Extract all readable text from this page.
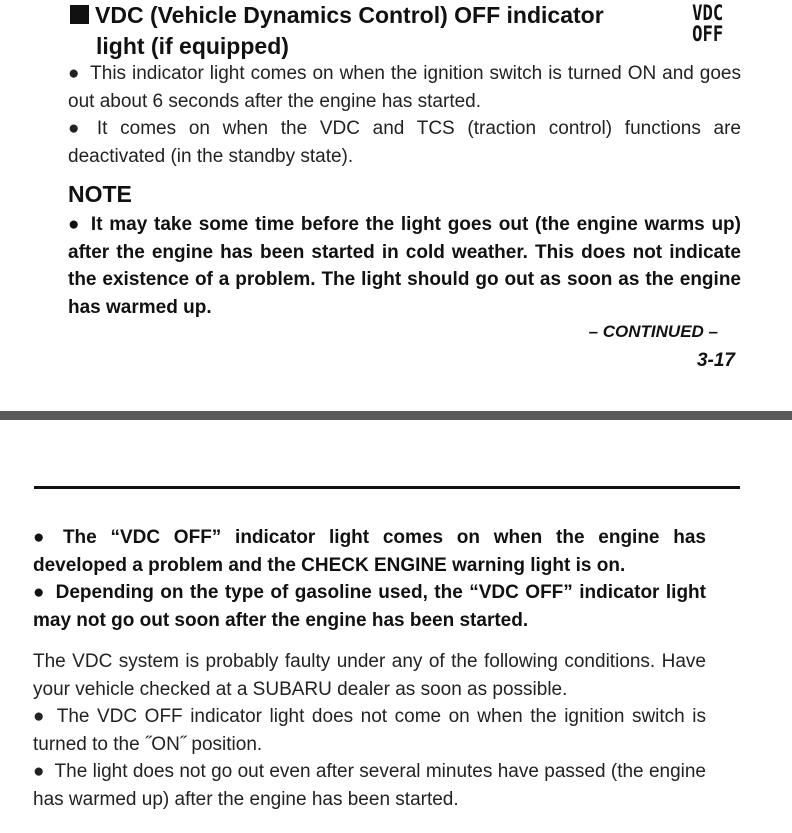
VDC (Vehicle Dynamics Control) OFF indicator
light (if equipped)
VDC
OFF
● This indicator light comes on when the ignition switch is turned ON and goes out about 6 seconds after the engine has started.
● It comes on when the VDC and TCS (traction control) functions are deactivated (in the standby state).
NOTE
● It may take some time before the light goes out (the engine warms up) after the engine has been started in cold weather. This does not indicate the existence of a problem. The light should go out as soon as the engine has warmed up.
– CONTINUED –
3-17
● The “VDC OFF” indicator light comes on when the engine has developed a problem and the CHECK ENGINE warning light is on.
● Depending on the type of gasoline used, the “VDC OFF” indicator light may not go out soon after the engine has been started.
The VDC system is probably faulty under any of the following conditions. Have your vehicle checked at a SUBARU dealer as soon as possible.
● The VDC OFF indicator light does not come on when the ignition switch is turned to the ˝ON˝ position.
● The light does not go out even after several minutes have passed (the engine has warmed up) after the engine has been started.
